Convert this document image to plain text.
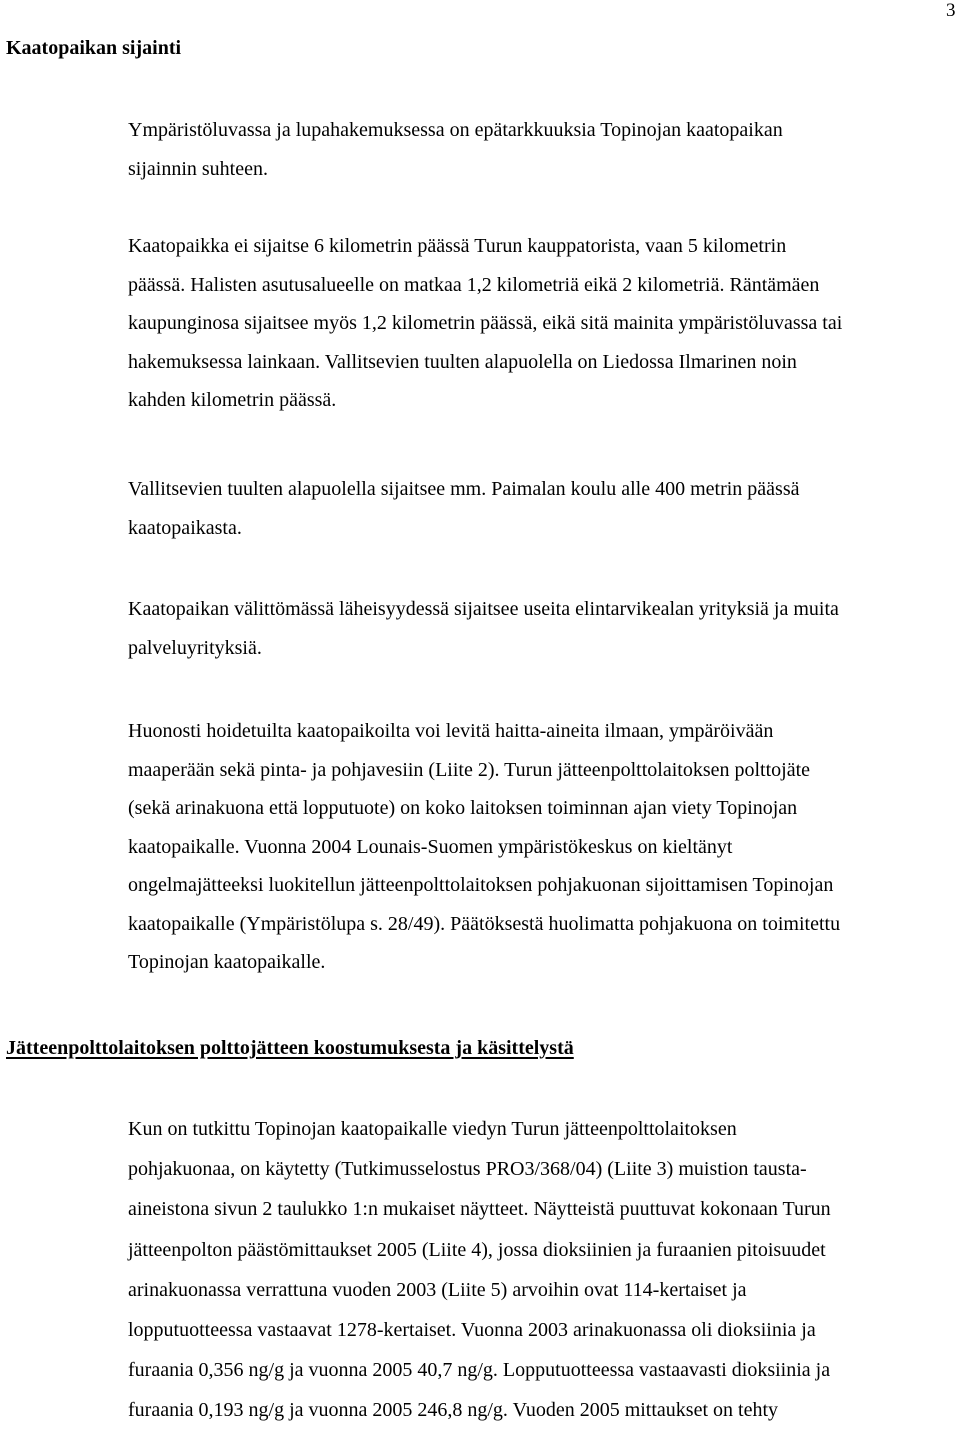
3
Kaatopaikan sijainti

Ympäristöluvassa ja lupahakemuksessa on epätarkkuuksia Topinojan kaatopaikan
sijainnin suhteen.

Kaatopaikka ei sijaitse 6 kilometrin päässä Turun kauppatorista, vaan 5 kilometrin
päässä. Halisten asutusalueelle on matkaa 1,2 kilometriä eikä 2 kilometriä. Räntämäen
kaupunginosa sijaitsee myös 1,2 kilometrin päässä, eikä sitä mainita ympäristöluvassa tai
hakemuksessa lainkaan. Vallitsevien tuulten alapuolella on Liedossa Ilmarinen noin
kahden kilometrin päässä.

Vallitsevien tuulten alapuolella sijaitsee mm. Paimalan koulu alle 400 metrin päässä
kaatopaikasta.

Kaatopaikan välittömässä läheisyydessä sijaitsee useita elintarvikealan yrityksiä ja muita
palveluyrityksiä.

Huonosti hoidetuilta kaatopaikoilta voi levitä haitta-aineita ilmaan, ympäröivään
maaperään sekä pinta- ja pohjavesiin (Liite 2). Turun jätteenpolttolaitoksen polttojäte
(sekä arinakuona että lopputuote) on koko laitoksen toiminnan ajan viety Topinojan
kaatopaikalle. Vuonna 2004 Lounais-Suomen ympäristökeskus on kieltänyt
ongelmajätteeksi luokitellun jätteenpolttolaitoksen pohjakuonan sijoittamisen Topinojan
kaatopaikalle (Ympäristölupa s. 28/49). Päätöksestä huolimatta pohjakuona on toimitettu
Topinojan kaatopaikalle.

Jätteenpolttolaitoksen polttojätteen koostumuksesta ja käsittelystä

Kun on tutkittu Topinojan kaatopaikalle viedyn Turun jätteenpolttolaitoksen
pohjakuonaa, on käytetty (Tutkimusselostus PRO3/368/04) (Liite 3) muistion tausta-
aineistona sivun 2 taulukko 1:n mukaiset näytteet. Näytteistä puuttuvat kokonaan Turun
jätteenpolton päästömittaukset 2005 (Liite 4), jossa dioksiinien ja furaanien pitoisuudet
arinakuonassa verrattuna vuoden 2003 (Liite 5) arvoihin ovat 114-kertaiset ja
lopputuotteessa vastaavat 1278-kertaiset. Vuonna 2003 arinakuonassa oli dioksiinia ja
furaania 0,356 ng/g ja vuonna 2005 40,7 ng/g. Lopputuotteessa vastaavasti dioksiinia ja
furaania 0,193 ng/g ja vuonna 2005 246,8 ng/g. Vuoden 2005 mittaukset on tehty
